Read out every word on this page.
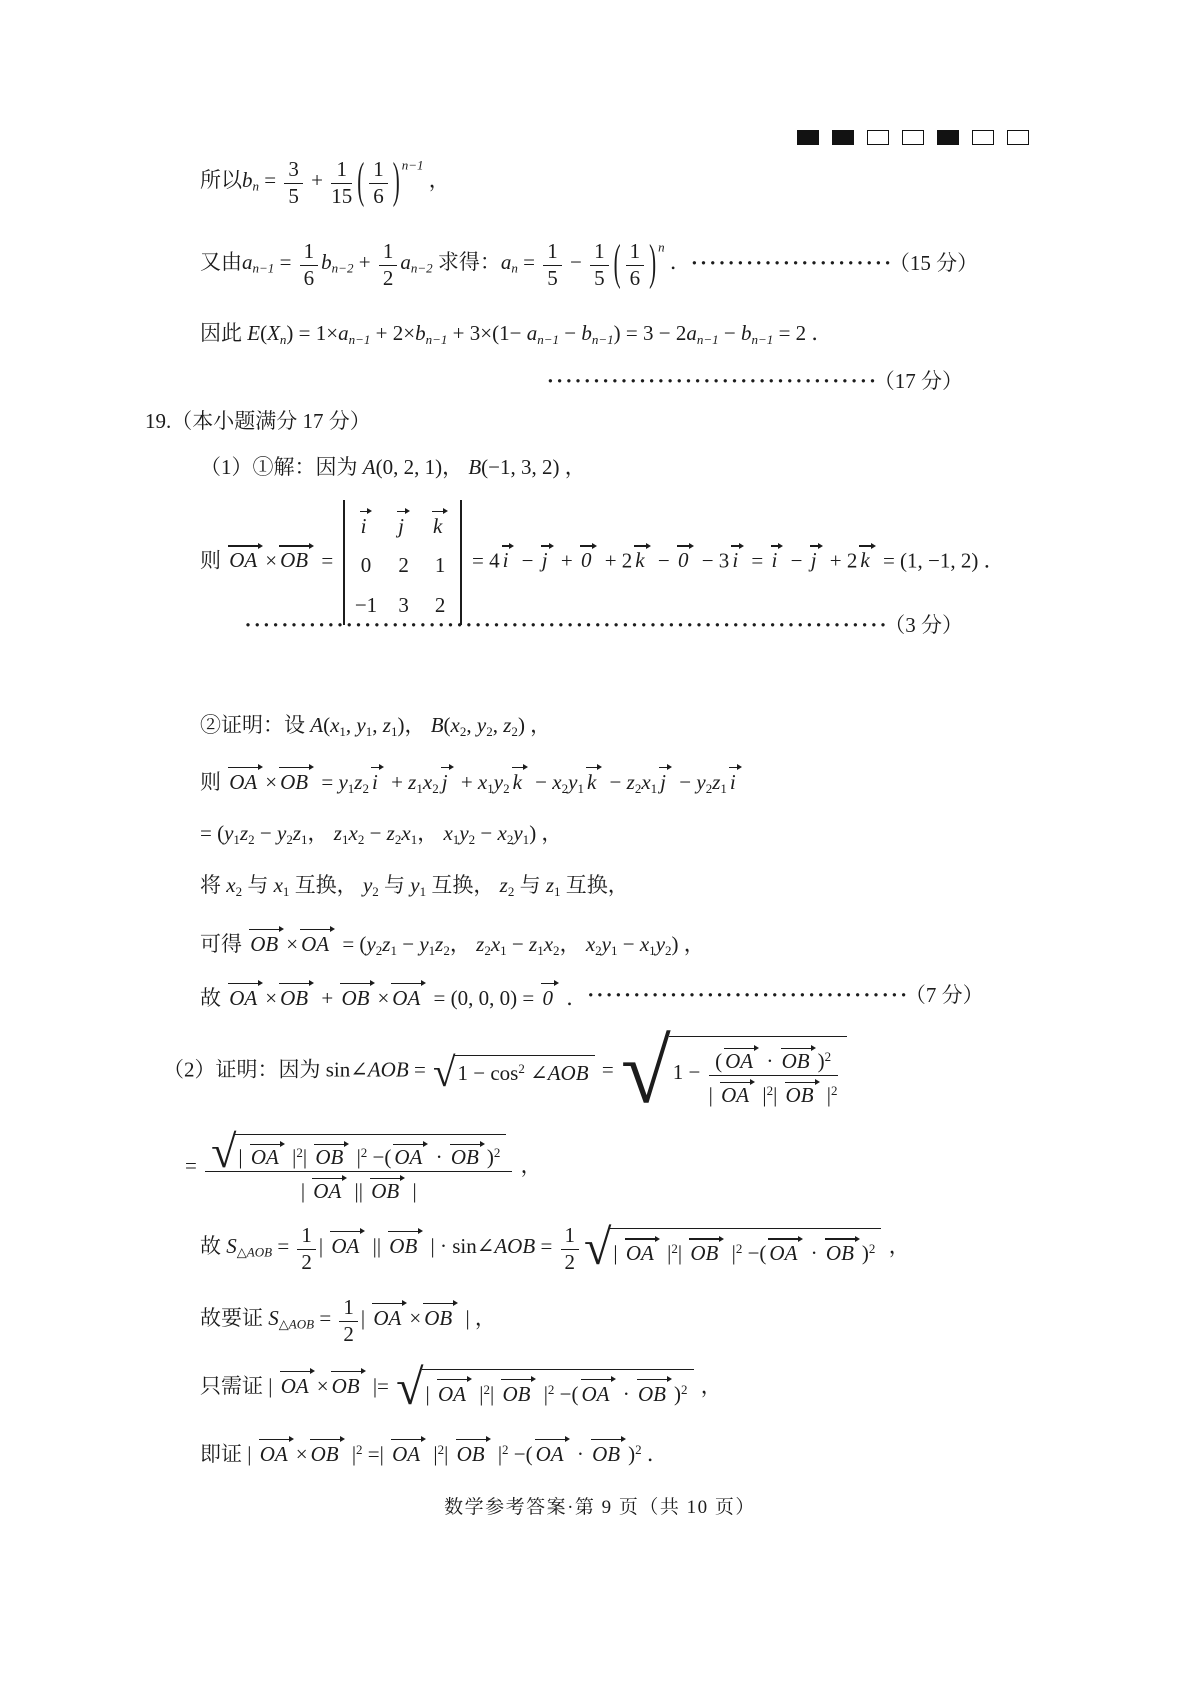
所以$b_n = \frac{3}{5} + \frac{1}{15}$ ( $\frac{1}{6}$ ) $^{n-1}$ ，
又由$a_{n-1} = \frac{1}{6} b_{n-2} + \frac{1}{2} a_{n-2}$ 求得：$a_n = \frac{1}{5} - \frac{1}{5}$ ( $\frac{1}{6}$ ) $^n$ ． ······················ （15 分）
因此 $E(X_n) = 1\times a_{n-1} + 2\times b_{n-1} + 3\times(1- a_{n-1} - b_{n-1}) = 3 - 2a_{n-1} - b_{n-1} = 2$ ．
···································· （17 分）
19.（本小题满分 17 分）
（1）①解：因为 A(0, 2, 1)， B(−1, 3, 2) ，
则 OA × OB =
i	j	k
0 2 1
−1 3 2
= 4 i − j + 0 + 2 k − 0 − 3 i = i − j + 2 k = (1, −1, 2) ．
······································································ （3 分）
②证明：设 $A(x_1$, $y_1$, $z_1$)， $B(x_2$, $y_2$, $z_2$) ，
则 OA × OB = $y_1z_2$ $i + z_1x_2$ $j + x_1y_2$ $k - x_2y_1$ $k - z_2x_1$ $j - y_2z_1$ i
= ($y_1z_2 - y_2z_1$， $z_1x_2 - z_2x_1$， $x_1y_2 - x_2y_1$) ，
将 $x_2$ 与 $x_1$ 互换， $y_2$ 与 $y_1$ 互换， $z_2$ 与 $z_1$ 互换，
可得 OB × OA = ($y_2z_1 - y_1z_2$， $z_2x_1 - z_1x_2$， $x_2y_1 - x_1y_2$) ，
故 OA × OB + OB × OA = (0, 0, 0) = 0 ． ··································· （7 分）
（2）证明：因为 sin∠AOB = √ $1 - \cos^2$ ∠AOB = √ $1 - \frac{( OA \cdot OB )^2}{| OA |^2| OB |^2}$
= $\frac{√ | OA |^2| OB |^2 -( OA \cdot OB )^2}{| OA || OB |}$ ，
故 $S_{\triangle AOB} = \frac{1}{2}$ | OA || OB | · sin∠AOB = $\frac{1}{2}$ √ | OA $|^2|$ OB $|^2$ −( OA · OB )$^2$ ，
故要证 $S_{\triangle AOB} = \frac{1}{2}$ | OA × OB | ，
只需证 | OA × OB |= √ | OA $|^2|$ OB $|^2$ −( OA · OB )$^2$ ，
即证 | OA × OB $|^2$ =| OA $|^2|$ OB $|^2$ −( OA · OB )$^2$ ．
数学参考答案·第 9 页（共 10 页）
